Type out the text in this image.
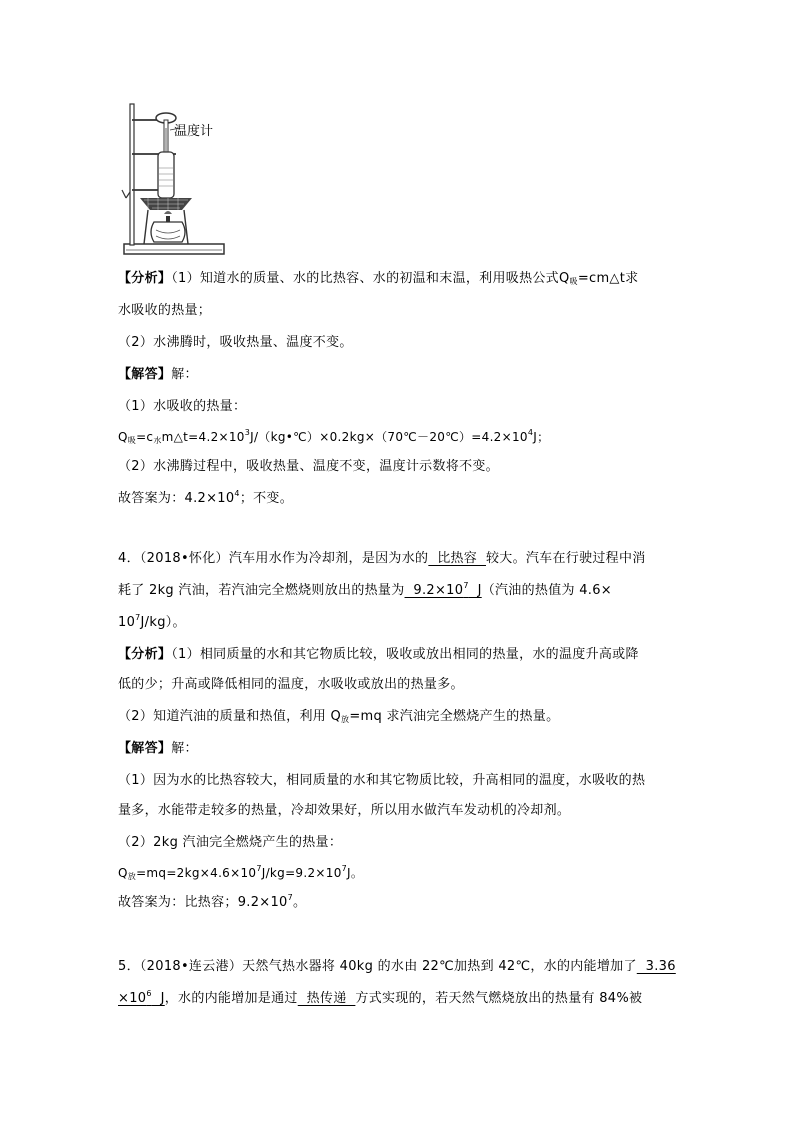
温度计
【分析】（1）知道水的质量、水的比热容、水的初温和末温，利用吸热公式$Q_吸=cm\triangle t$求
水吸收的热量；
（2）水沸腾时，吸收热量、温度不变。
【解答】解：
（1）水吸收的热量：
$Q_吸=c_水m\triangle t=4.2\times 10^3J/(kg•℃)\times 0.2kg\times(70℃-20℃)=4.2\times 10^4J$；
（2）水沸腾过程中，吸收热量、温度不变，温度计示数将不变。
故答案为：$4.2\times 10^4$；不变。
4．（2018•怀化）汽车用水作为冷却剂，是因为水的  比热容  较大。汽车在行驶过程中消
耗了 2kg 汽油，若汽油完全燃烧则放出的热量为  $9.2\times 10^7$  J（汽油的热值为 4.6×
$10^7J/kg$）。
【分析】（1）相同质量的水和其它物质比较，吸收或放出相同的热量，水的温度升高或降
低的少；升高或降低相同的温度，水吸收或放出的热量多。
（2）知道汽油的质量和热值，利用 $Q_放=mq$ 求汽油完全燃烧产生的热量。
【解答】解：
（1）因为水的比热容较大，相同质量的水和其它物质比较，升高相同的温度，水吸收的热
量多，水能带走较多的热量，冷却效果好，所以用水做汽车发动机的冷却剂。
（2）2kg 汽油完全燃烧产生的热量：
$Q_放=mq=2kg\times 4.6\times 10^7J/kg=9.2\times 10^7J$。
故答案为：比热容；$9.2\times 10^7$。
5．（2018•连云港）天然气热水器将 40kg 的水由 22℃加热到 42℃，水的内能增加了  3.36
$\times 10^6$  J，水的内能增加是通过  热传递  方式实现的，若天然气燃烧放出的热量有 84%被
